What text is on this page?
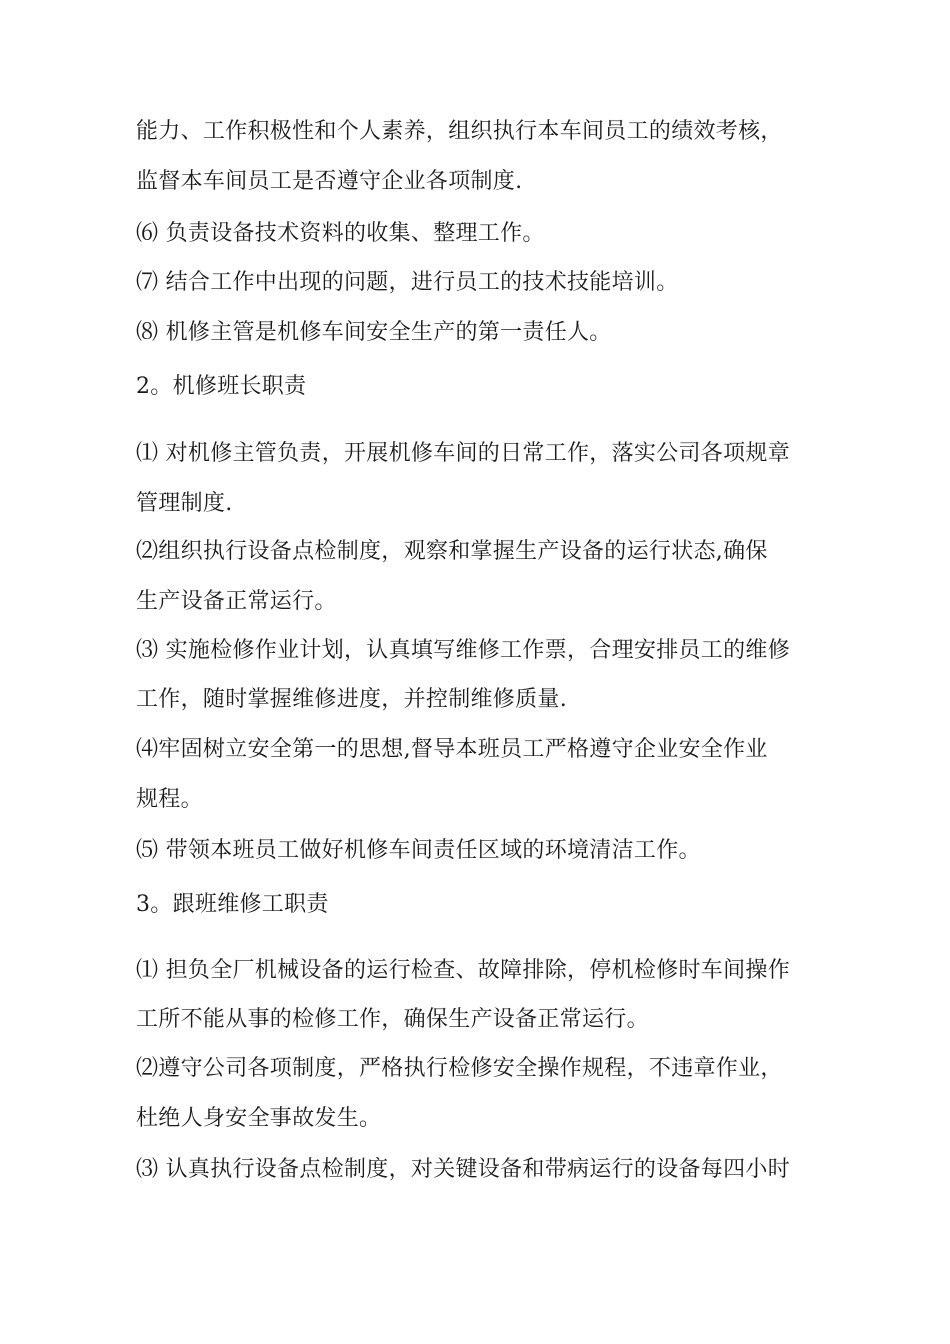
能力、工作积极性和个人素养，组织执行本车间员工的绩效考核，
监督本车间员工是否遵守企业各项制度.
⑹ 负责设备技术资料的收集、整理工作。
⑺ 结合工作中出现的问题，进行员工的技术技能培训。
⑻ 机修主管是机修车间安全生产的第一责任人。
2。机修班长职责
⑴ 对机修主管负责，开展机修车间的日常工作，落实公司各项规章
管理制度.
⑵组织执行设备点检制度，观察和掌握生产设备的运行状态,确保
生产设备正常运行。
⑶ 实施检修作业计划，认真填写维修工作票，合理安排员工的维修
工作，随时掌握维修进度，并控制维修质量.
⑷牢固树立安全第一的思想,督导本班员工严格遵守企业安全作业
规程。
⑸ 带领本班员工做好机修车间责任区域的环境清洁工作。
3。跟班维修工职责
⑴ 担负全厂机械设备的运行检查、故障排除，停机检修时车间操作
工所不能从事的检修工作，确保生产设备正常运行。
⑵遵守公司各项制度，严格执行检修安全操作规程，不违章作业，
杜绝人身安全事故发生。
⑶ 认真执行设备点检制度，对关键设备和带病运行的设备每四小时
